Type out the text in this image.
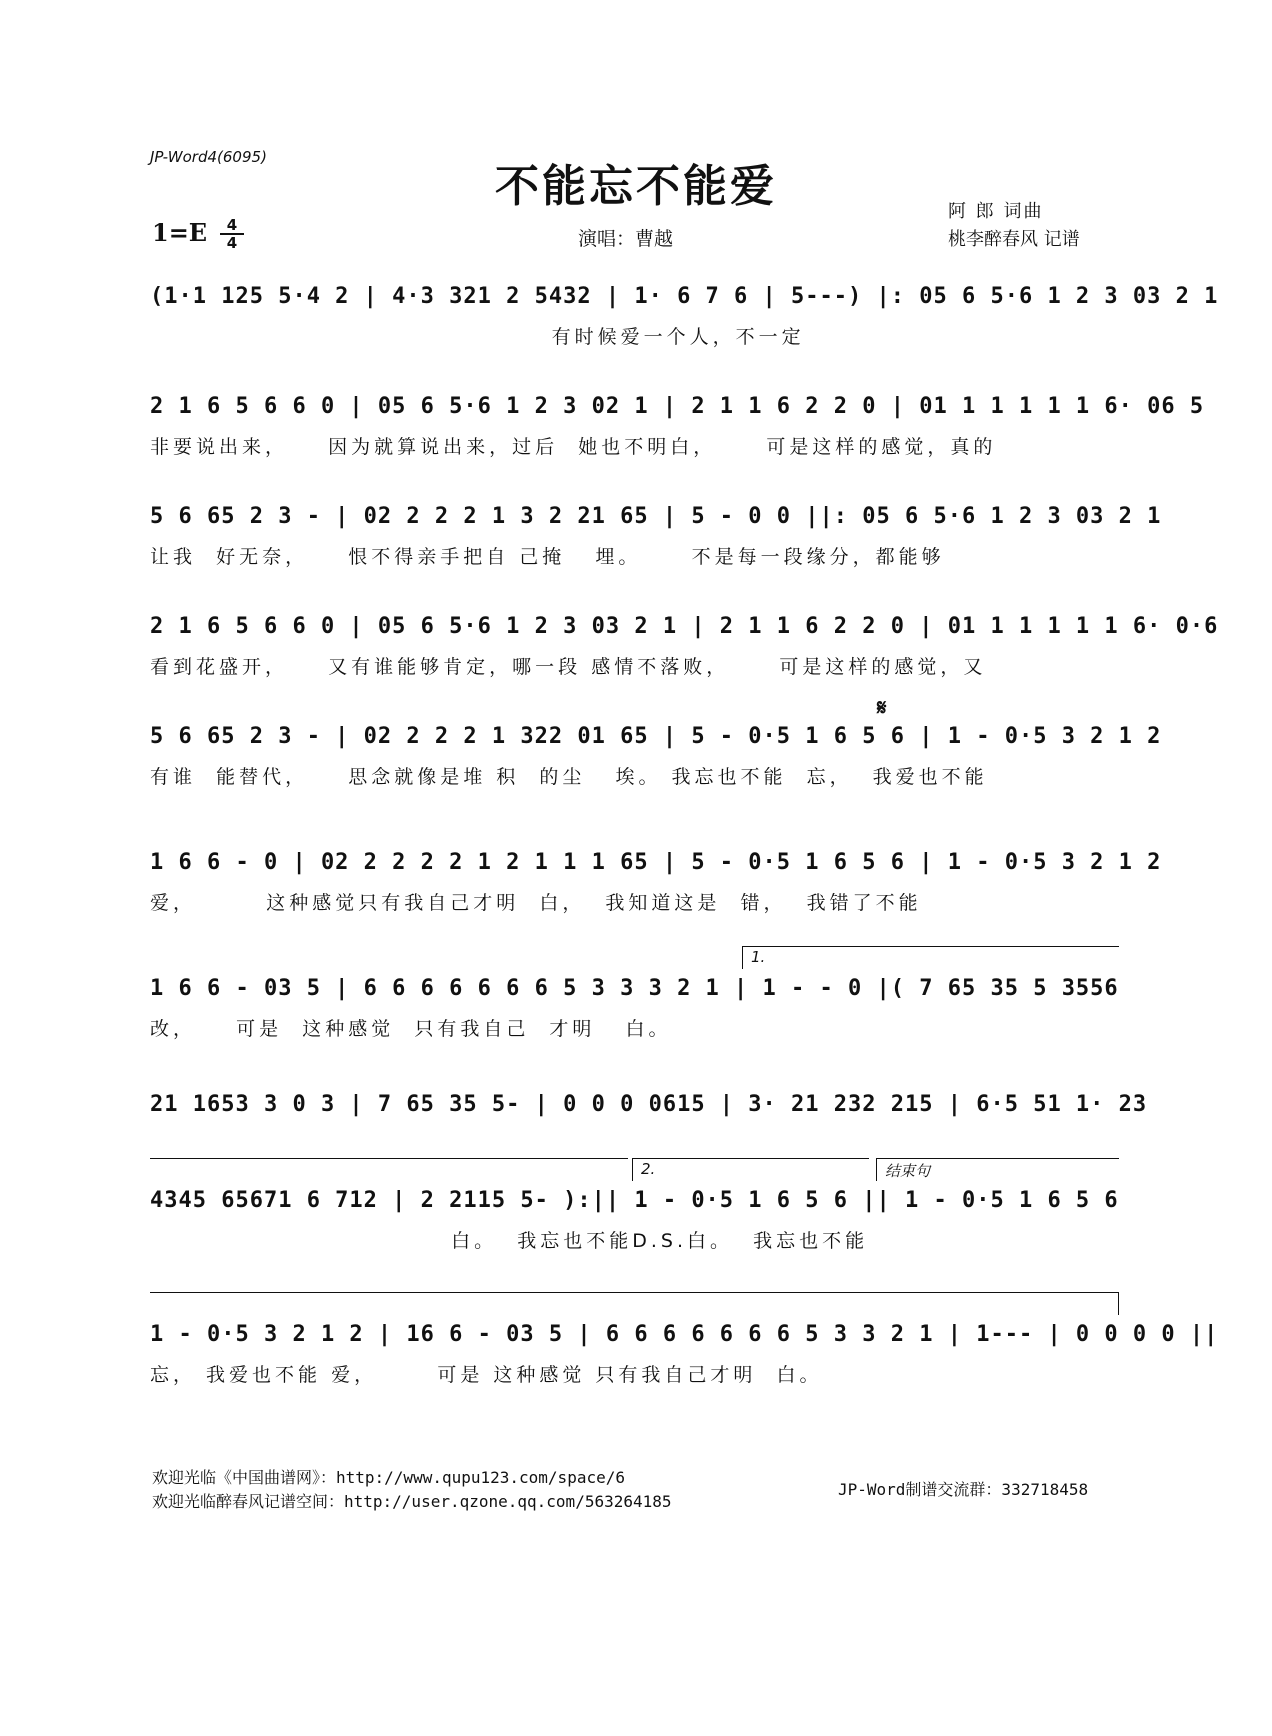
JP-Word4(6095)
不能忘不能爱
1=E	4
4	演唱：曹越
阿 郎 词曲
桃李醉春风 记谱
(1·1 125 5·4 2 | 4·3 321 2 5432 | 1· 6 7 6 | 5---) |: 05 6 5·6 1 2 3 03 2 1
有时候爱一个人，不一定
2 1 6 5 6 6 0 | 05 6 5·6 1 2 3 02 1 | 2 1 1 6 2 2 0 | 01 1 1 1 1 1 6· 06 5
非要说出来，    因为就算说出来，过后  她也不明白，     可是这样的感觉，真的
5 6 65 2 3 - | 02 2 2 2 1 3 2 21 65 | 5 - 0 0 ||: 05 6 5·6 1 2 3 03 2 1
让我  好无奈，    恨不得亲手把自 己掩   埋。     不是每一段缘分，都能够
2 1 6 5 6 6 0 | 05 6 5·6 1 2 3 03 2 1 | 2 1 1 6 2 2 0 | 01 1 1 1 1 1 6· 0·6
看到花盛开，    又有谁能够肯定，哪一段 感情不落败，     可是这样的感觉，又
𝄋
5 6 65 2 3 - | 02 2 2 2 1 322 01 65 | 5 - 0·5 1 6 5 6 | 1 - 0·5 3 2 1 2
有谁  能替代，    思念就像是堆 积  的尘   埃。 我忘也不能  忘，  我爱也不能
1 6 6 - 0 | 02 2 2 2 2 1 2 1 1 1 65 | 5 - 0·5 1 6 5 6 | 1 - 0·5 3 2 1 2
爱，       这种感觉只有我自己才明  白，  我知道这是  错，  我错了不能
1.
1 6 6 - 03 5 | 6 6 6 6 6 6 6 5 3 3 3 2 1 | 1 - - 0 |( 7 65 35 5 3556
改，    可是  这种感觉  只有我自己  才明   白。
21 1653 3 0 3 | 7 65 35 5- | 0 0 0 0615 | 3· 21 232 215 | 6·5 51 1· 23
2.	结束句
4345 65671 6 712 | 2 2115 5- ):|| 1 - 0·5 1 6 5 6 || 1 - 0·5 1 6 5 6
白。  我忘也不能D.S.白。  我忘也不能
1 - 0·5 3 2 1 2 | 16 6 - 03 5 | 6 6 6 6 6 6 6 5 3 3 2 1 | 1--- | 0 0 0 0 ||
忘， 我爱也不能 爱，      可是 这种感觉 只有我自己才明  白。
欢迎光临《中国曲谱网》：http://www.qupu123.com/space/6
欢迎光临醉春风记谱空间：http://user.qzone.qq.com/563264185
JP-Word制谱交流群：332718458
